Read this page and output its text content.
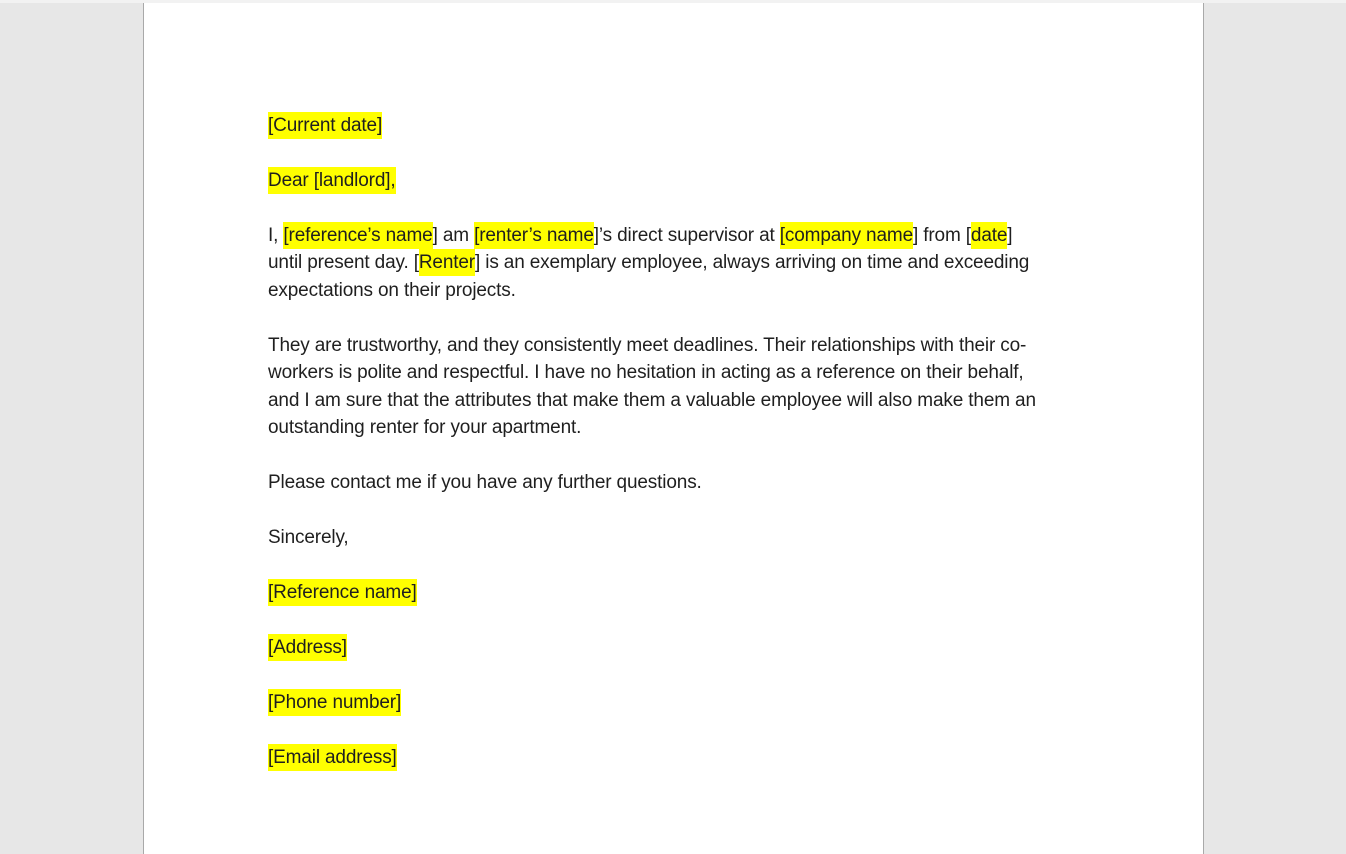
[Current date]
Dear [landlord],
I, [reference’s name] am [renter’s name]’s direct supervisor at [company name] from [date]
until present day. [Renter] is an exemplary employee, always arriving on time and exceeding
expectations on their projects.
They are trustworthy, and they consistently meet deadlines. Their relationships with their co-
workers is polite and respectful. I have no hesitation in acting as a reference on their behalf,
and I am sure that the attributes that make them a valuable employee will also make them an
outstanding renter for your apartment.
Please contact me if you have any further questions.
Sincerely,
[Reference name]
[Address]
[Phone number]
[Email address]
